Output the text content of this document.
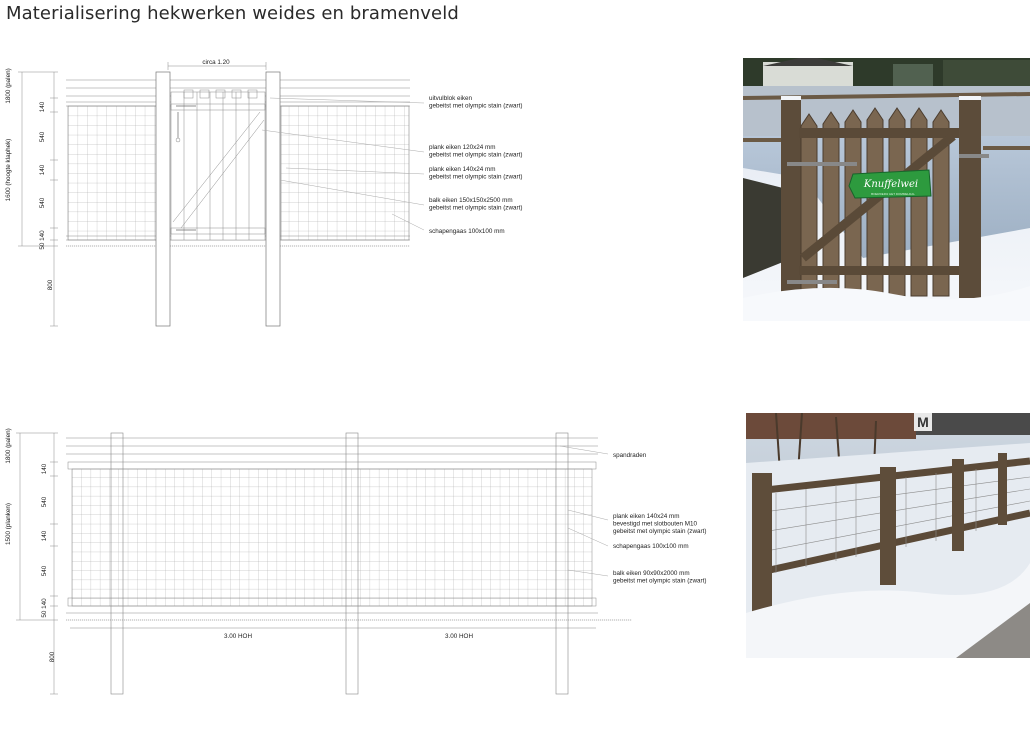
Materialisering hekwerken weides en bramenveld
1800 (palen)
1600 (hoogte klaphek)
140
540
140
540
50 140
800
circa 1.20
uitvulblok eiken gebeitst met olympic stain (zwart)
plank eiken 120x24 mm gebeitst met olympic stain (zwart)
plank eiken 140x24 mm gebeitst met olympic stain (zwart)
balk eiken 150x150x2500 mm gebeitst met olympic stain (zwart)
schapengaas 100x100 mm
1800 (palen)
1500 (planken)
140
540
140
540
50 140
800
3.00 HOH	3.00 HOH
spandraden
plank eiken 140x24 mm bevestigd met slotbouten M10 gebeitst met olympic stain (zwart)
schapengaas 100x100 mm
balk eiken 90x90x2000 mm gebeitst met olympic stain (zwart)
Knuffelwei
BOERDERIJ HET DOMMELDAL
M
